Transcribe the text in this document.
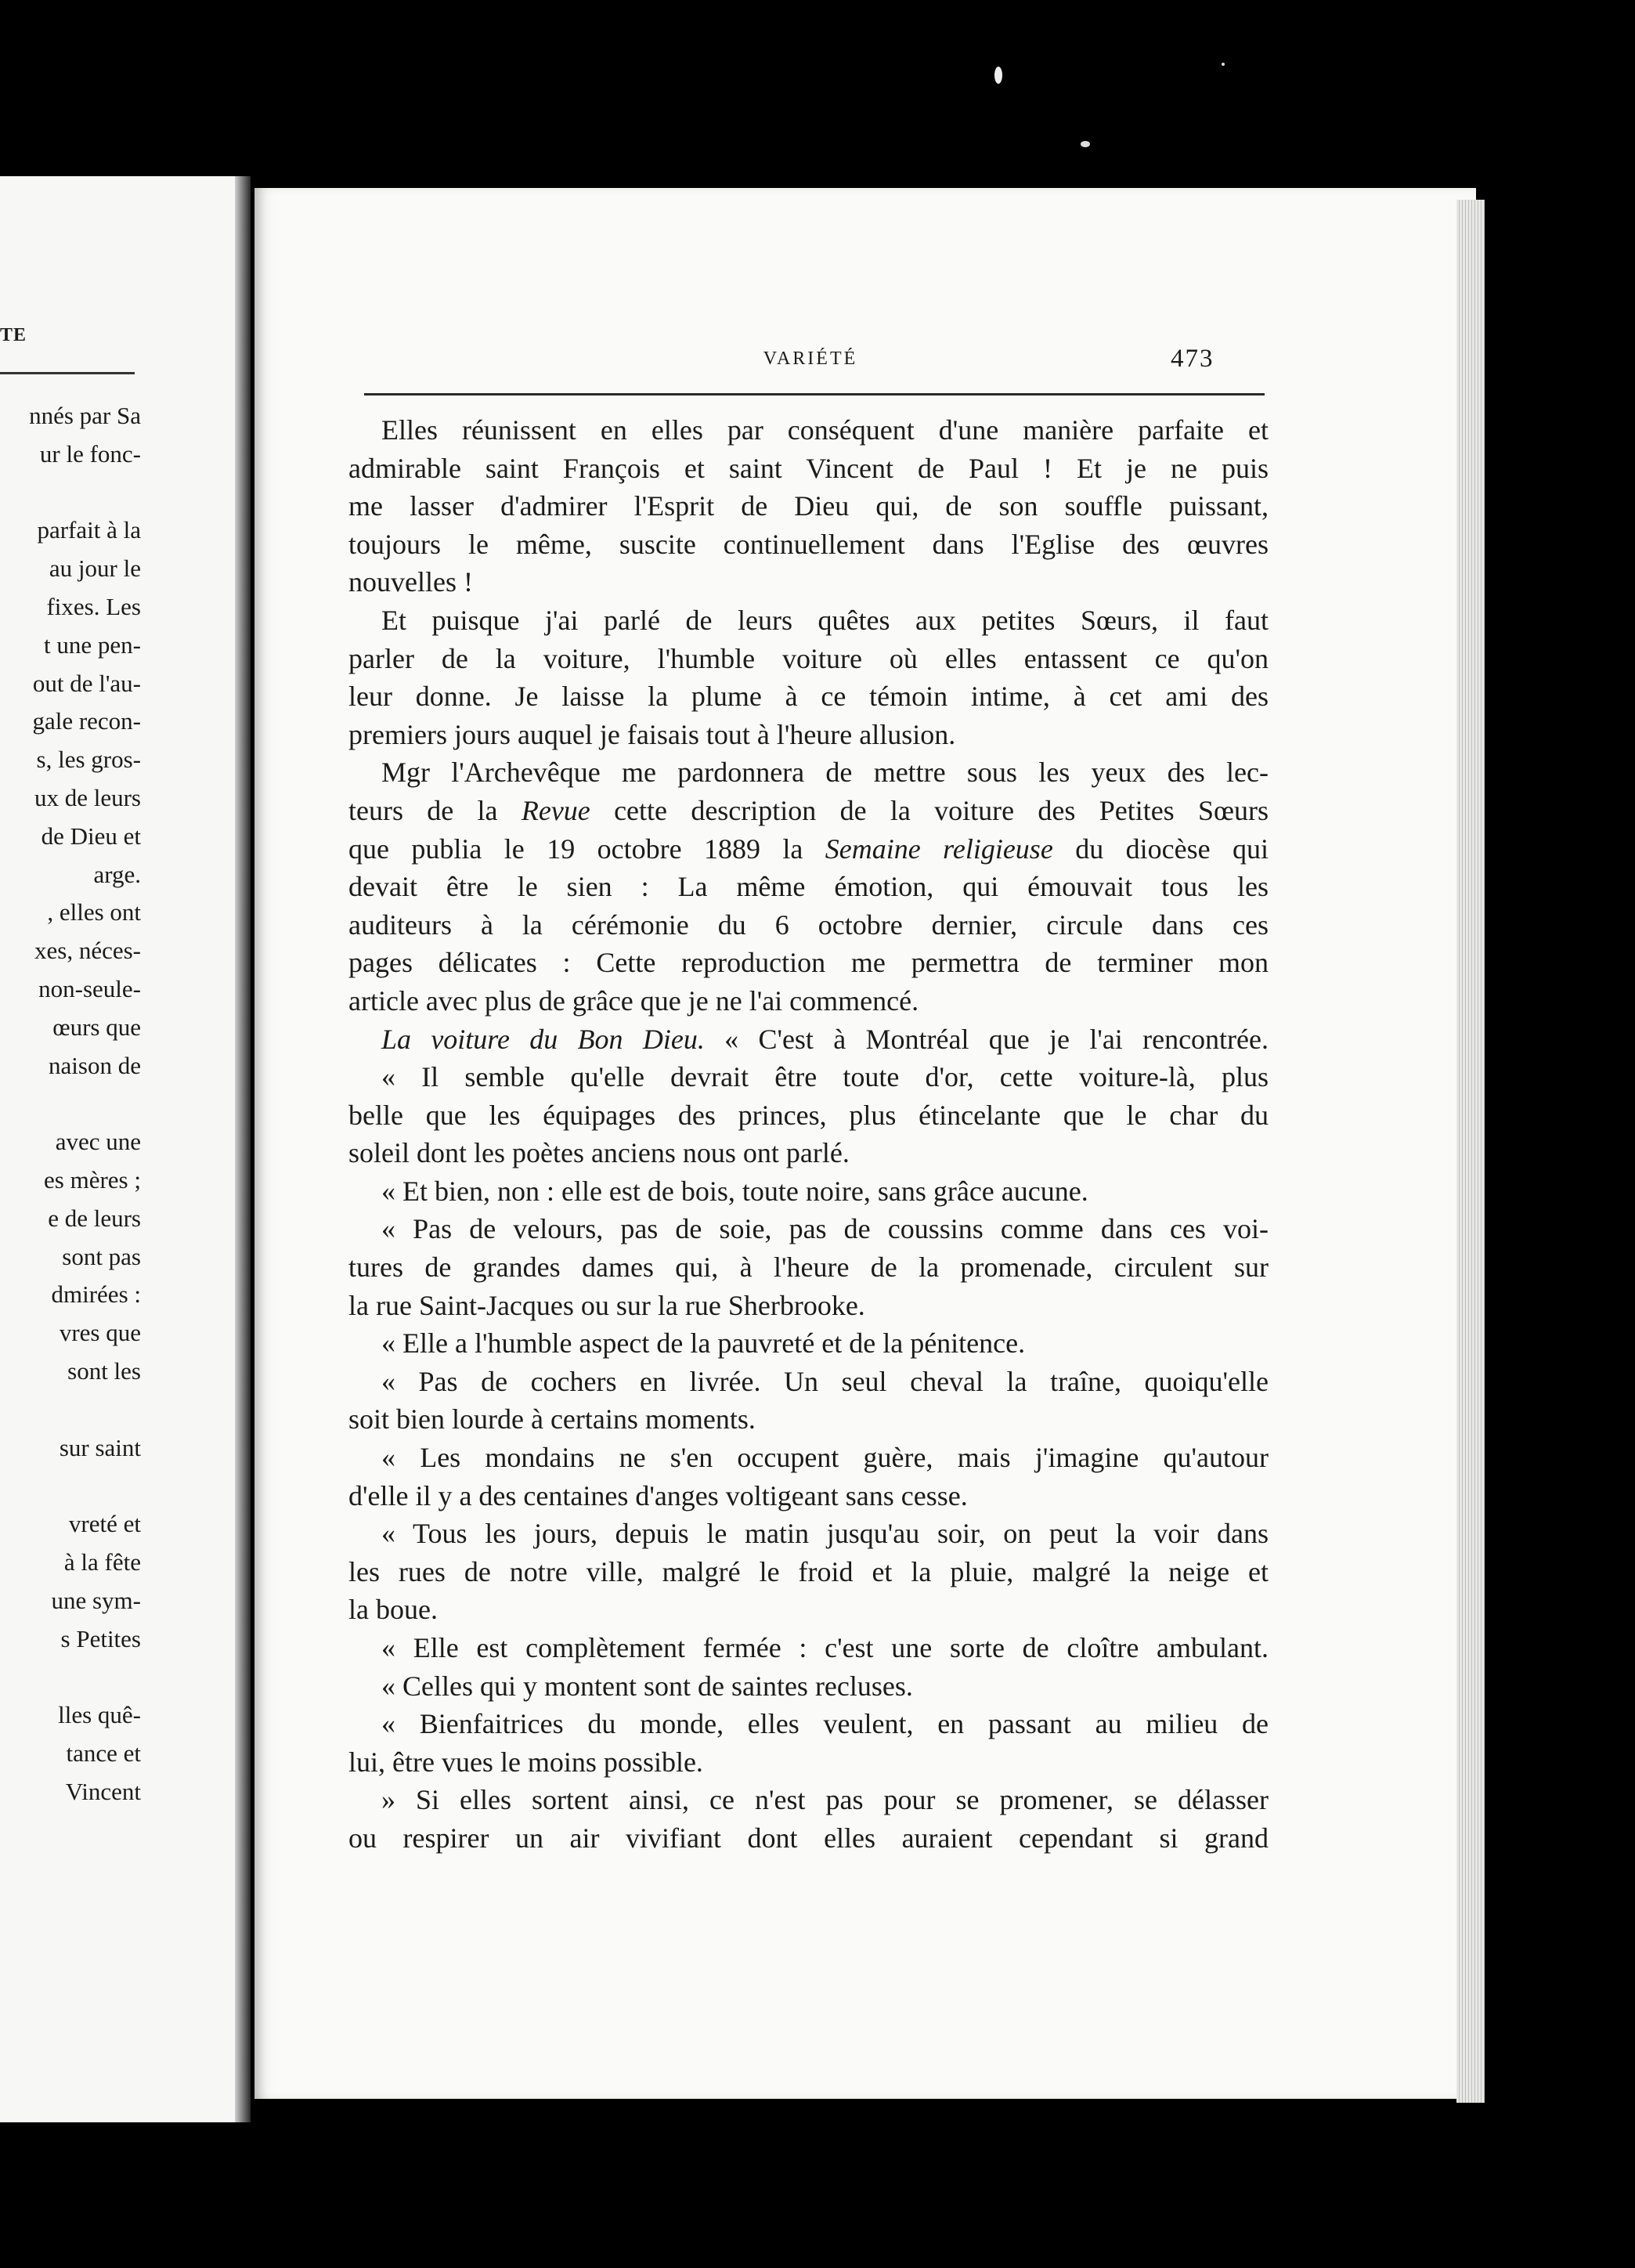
TE
nnés par Sa
ur le fonc-
parfait à la
au jour le
fixes. Les
t une pen-
out de l'au-
gale recon-
s, les gros-
ux de leurs
de Dieu et
arge.
, elles ont
xes, néces-
non-seule-
œurs que
naison de
avec une
es mères ;
e de leurs
sont pas
dmirées :
vres que
sont les
sur saint
vreté et
à la fête
une sym-
s Petites
lles quê-
tance et
Vincent
VARIÉTÉ	473
Elles réunissent en elles par conséquent d'une manière parfaite et
admirable saint François et saint Vincent de Paul ! Et je ne puis
me lasser d'admirer l'Esprit de Dieu qui, de son souffle puissant,
toujours le même, suscite continuellement dans l'Eglise des œuvres
nouvelles !
Et puisque j'ai parlé de leurs quêtes aux petites Sœurs, il faut
parler de la voiture, l'humble voiture où elles entassent ce qu'on
leur donne. Je laisse la plume à ce témoin intime, à cet ami des
premiers jours auquel je faisais tout à l'heure allusion.
Mgr l'Archevêque me pardonnera de mettre sous les yeux des lec-
teurs de la Revue cette description de la voiture des Petites Sœurs
que publia le 19 octobre 1889 la Semaine religieuse du diocèse qui
devait être le sien : La même émotion, qui émouvait tous les
auditeurs à la cérémonie du 6 octobre dernier, circule dans ces
pages délicates : Cette reproduction me permettra de terminer mon
article avec plus de grâce que je ne l'ai commencé.
La voiture du Bon Dieu. « C'est à Montréal que je l'ai rencontrée.
« Il semble qu'elle devrait être toute d'or, cette voiture-là, plus
belle que les équipages des princes, plus étincelante que le char du
soleil dont les poètes anciens nous ont parlé.
« Et bien, non : elle est de bois, toute noire, sans grâce aucune.
« Pas de velours, pas de soie, pas de coussins comme dans ces voi-
tures de grandes dames qui, à l'heure de la promenade, circulent sur
la rue Saint-Jacques ou sur la rue Sherbrooke.
« Elle a l'humble aspect de la pauvreté et de la pénitence.
« Pas de cochers en livrée. Un seul cheval la traîne, quoiqu'elle
soit bien lourde à certains moments.
« Les mondains ne s'en occupent guère, mais j'imagine qu'autour
d'elle il y a des centaines d'anges voltigeant sans cesse.
« Tous les jours, depuis le matin jusqu'au soir, on peut la voir dans
les rues de notre ville, malgré le froid et la pluie, malgré la neige et
la boue.
« Elle est complètement fermée : c'est une sorte de cloître ambulant.
« Celles qui y montent sont de saintes recluses.
« Bienfaitrices du monde, elles veulent, en passant au milieu de
lui, être vues le moins possible.
» Si elles sortent ainsi, ce n'est pas pour se promener, se délasser
ou respirer un air vivifiant dont elles auraient cependant si grand
